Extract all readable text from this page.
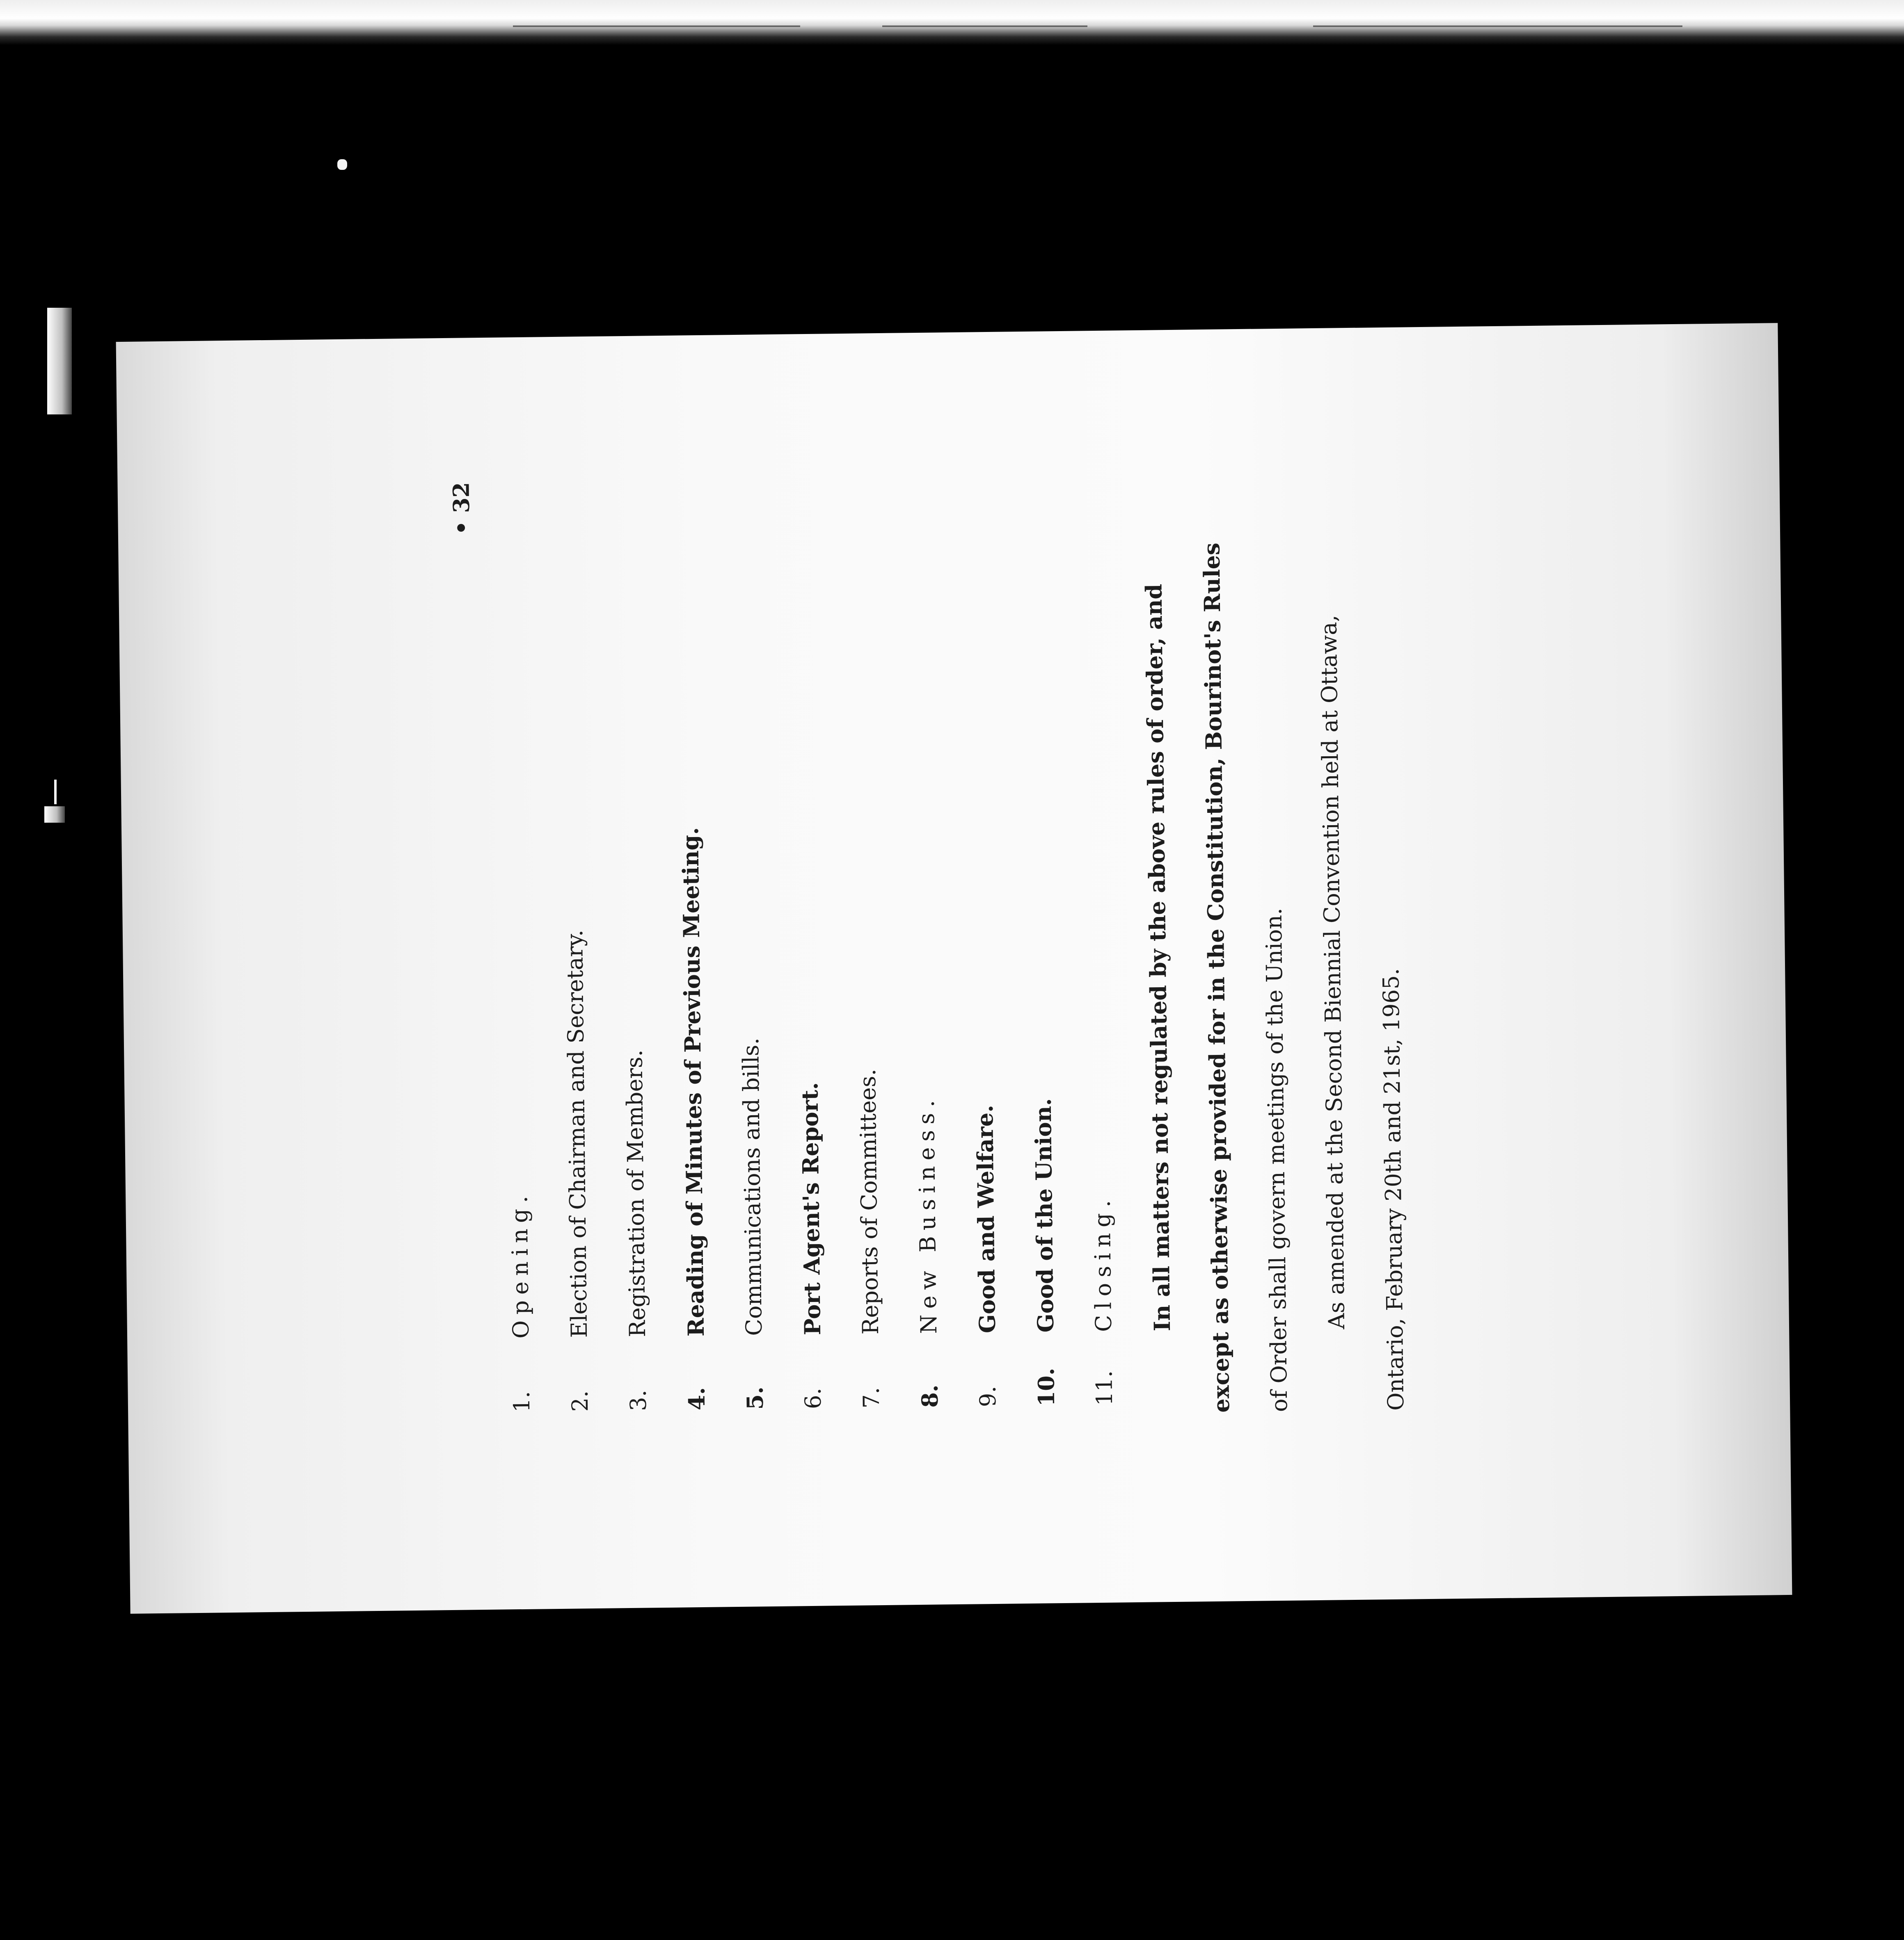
• 32
1. 2. 3. 4. 5. 6. 7. 8. 9. 10. 11.
Opening. Election of Chairman and Secretary. Registration of Members. Reading of Minutes of Previous Meeting. Communications and bills. Port Agent's Report. Reports of Committees. New Business. Good and Welfare. Good of the Union. Closing. In all matters not regulated by the above rules of order, and except as otherwise provided for in the Constitution, Bourinot's Rules of Order shall govern meetings of the Union. As amended at the Second Biennial Convention held at Ottawa, Ontario, February 20th and 21st, 1965.
